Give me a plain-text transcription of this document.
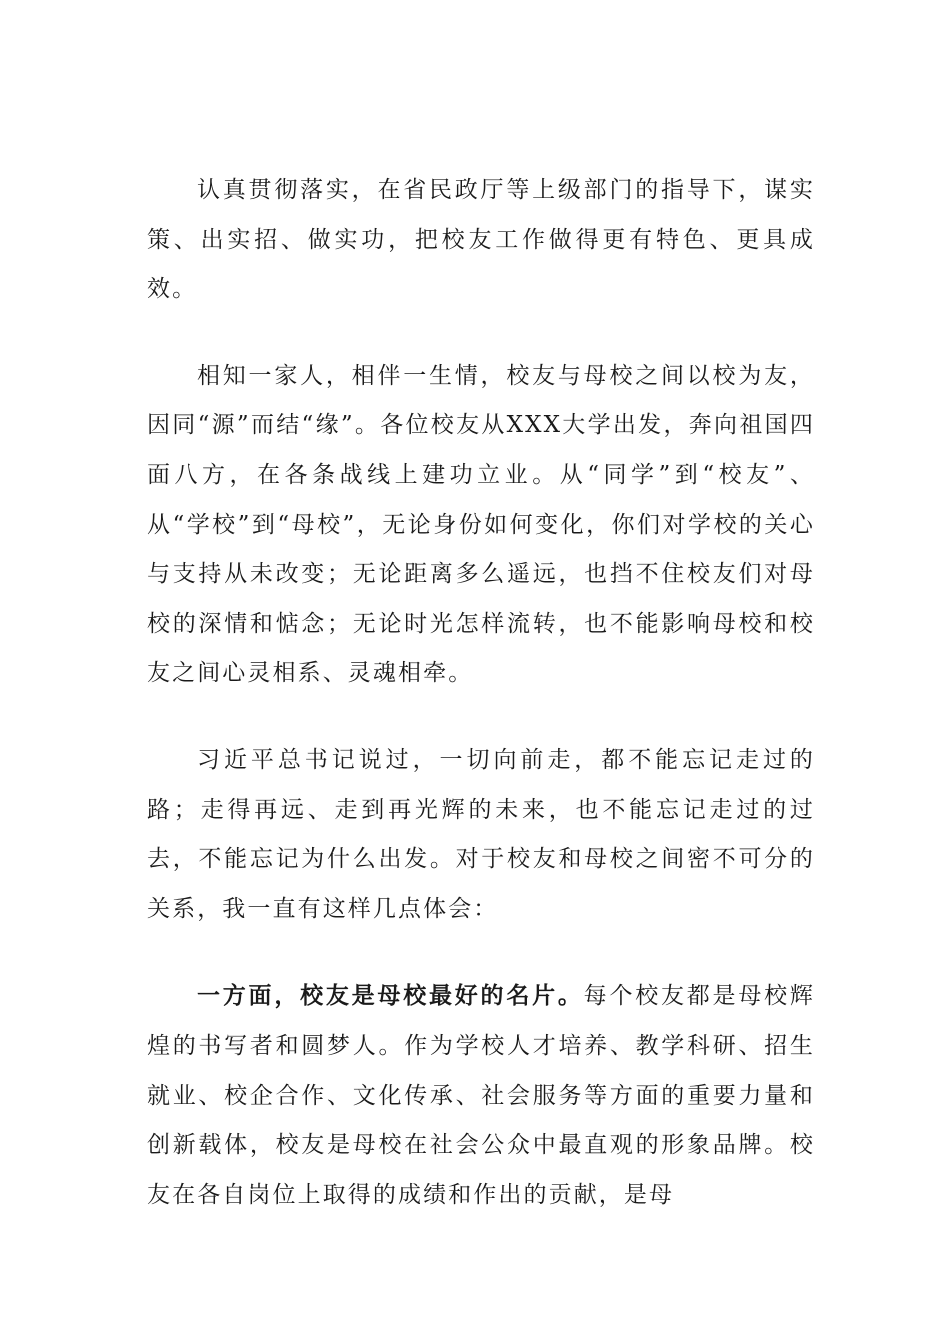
认真贯彻落实，在省民政厅等上级部门的指导下，谋实策、出实招、做实功，把校友工作做得更有特色、更具成效。

相知一家人，相伴一生情，校友与母校之间以校为友，因同“源”而结“缘”。各位校友从XXX大学出发，奔向祖国四面八方，在各条战线上建功立业。从“同学”到“校友”、从“学校”到“母校”，无论身份如何变化，你们对学校的关心与支持从未改变；无论距离多么遥远，也挡不住校友们对母校的深情和惦念；无论时光怎样流转，也不能影响母校和校友之间心灵相系、灵魂相牵。

习近平总书记说过，一切向前走，都不能忘记走过的路；走得再远、走到再光辉的未来，也不能忘记走过的过去，不能忘记为什么出发。对于校友和母校之间密不可分的关系，我一直有这样几点体会：

一方面，校友是母校最好的名片。每个校友都是母校辉煌的书写者和圆梦人。作为学校人才培养、教学科研、招生就业、校企合作、文化传承、社会服务等方面的重要力量和创新载体，校友是母校在社会公众中最直观的形象品牌。校友在各自岗位上取得的成绩和作出的贡献，是母
